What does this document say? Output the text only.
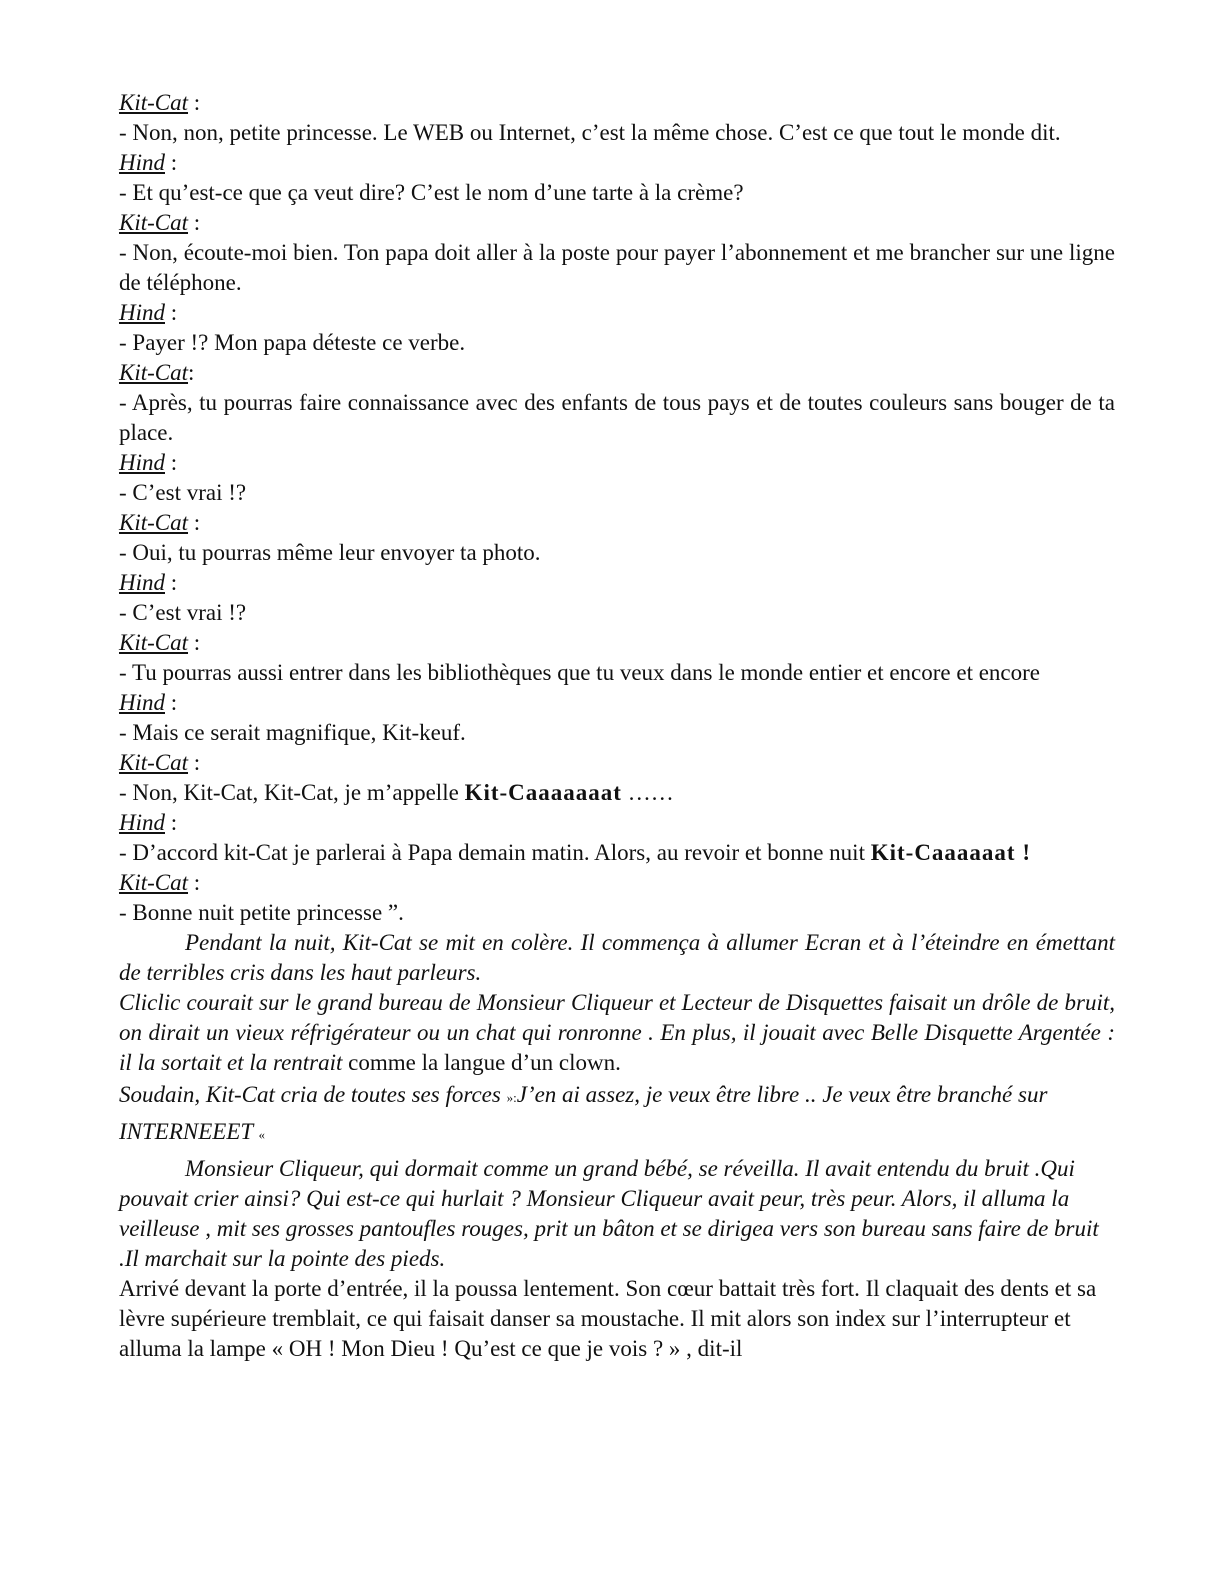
Kit-Cat :

- Non, non, petite princesse. Le WEB ou Internet, c’est la même chose. C’est ce que tout le monde dit.

Hind :

- Et qu’est-ce que ça veut dire? C’est le nom d’une tarte à la crème?

Kit-Cat :

- Non, écoute-moi bien. Ton papa doit aller à la poste pour payer l’abonnement et me brancher sur une ligne de téléphone.

Hind :

- Payer !? Mon papa déteste ce verbe.

Kit-Cat:

- Après, tu pourras faire connaissance avec des enfants de tous pays et de toutes couleurs sans bouger de ta place.

Hind :

- C’est vrai !?

Kit-Cat :

- Oui, tu pourras même leur envoyer ta photo.

Hind :

- C’est vrai !?

Kit-Cat :

- Tu pourras aussi entrer dans les bibliothèques que tu veux dans le monde entier et encore et encore

Hind :

- Mais ce serait magnifique, Kit-keuf.

Kit-Cat :

- Non, Kit-Cat, Kit-Cat, je m’appelle Kit-Caaaaaaat ……

Hind :

- D’accord kit-Cat je parlerai à Papa demain matin. Alors, au revoir et bonne nuit Kit-Caaaaaat !

Kit-Cat :

- Bonne nuit petite princesse ”.

Pendant la nuit, Kit-Cat se mit en colère. Il commença à allumer Ecran et à l’éteindre en émettant de terribles cris dans les haut parleurs.

Cliclic courait sur le grand bureau de Monsieur Cliqueur et Lecteur de Disquettes faisait un drôle de bruit, on dirait un vieux réfrigérateur ou un chat qui ronronne . En plus, il jouait avec Belle Disquette Argentée : il la sortait et la rentrait comme la langue d’un clown.

Soudain, Kit-Cat cria de toutes ses forces »:J’en ai assez, je veux être libre .. Je veux être branché sur INTERNEEET «

Monsieur Cliqueur, qui dormait comme un grand bébé, se réveilla. Il avait entendu du bruit .Qui pouvait crier ainsi? Qui est-ce qui hurlait ? Monsieur Cliqueur avait peur, très peur. Alors, il alluma la veilleuse , mit ses grosses pantoufles rouges, prit un bâton et se dirigea vers son bureau sans faire de bruit .Il marchait sur la pointe des pieds.

Arrivé devant la porte d’entrée, il la poussa lentement. Son cœur battait très fort. Il claquait des dents et sa lèvre supérieure tremblait, ce qui faisait danser sa moustache. Il mit alors son index sur l’interrupteur et alluma la lampe « OH ! Mon Dieu ! Qu’est ce que je vois ? » , dit-il
